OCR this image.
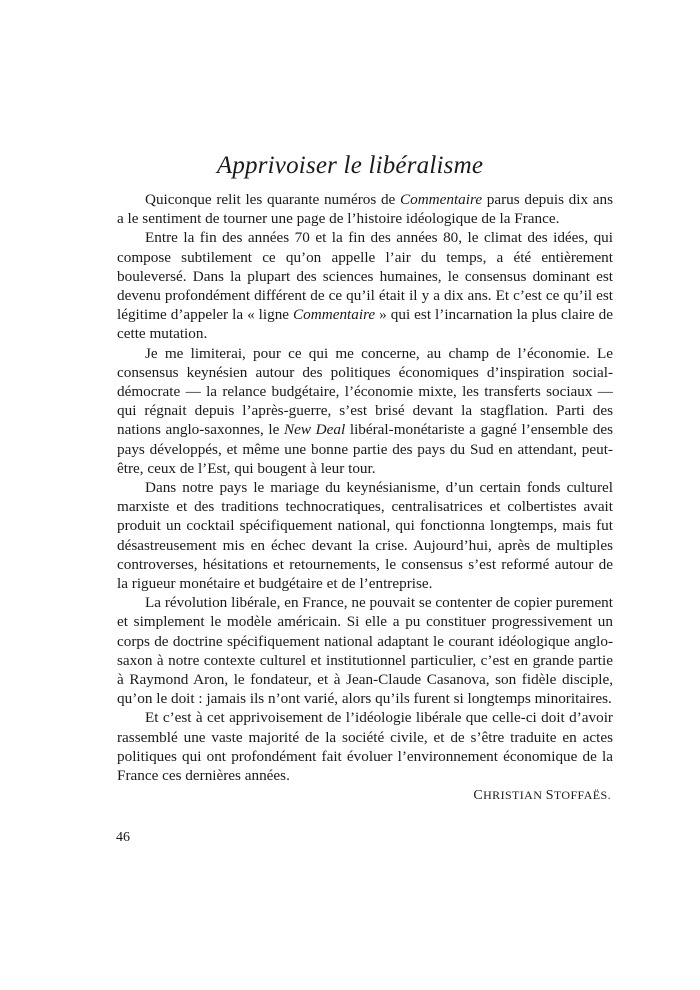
Apprivoiser le libéralisme

Quiconque relit les quarante numéros de Commentaire parus depuis dix ans a le sentiment de tourner une page de l’histoire idéologique de la France.

Entre la fin des années 70 et la fin des années 80, le climat des idées, qui compose subtilement ce qu’on appelle l’air du temps, a été entièrement bouleversé. Dans la plupart des sciences humaines, le consensus dominant est devenu profondément différent de ce qu’il était il y a dix ans. Et c’est ce qu’il est légitime d’appeler la « ligne Commentaire » qui est l’incarnation la plus claire de cette mutation.

Je me limiterai, pour ce qui me concerne, au champ de l’économie. Le consensus keynésien autour des politiques économiques d’inspiration social-démocrate — la relance budgétaire, l’économie mixte, les transferts sociaux — qui régnait depuis l’après-guerre, s’est brisé devant la stagflation. Parti des nations anglo-saxonnes, le New Deal libéral-monétariste a gagné l’ensemble des pays développés, et même une bonne partie des pays du Sud en attendant, peut-être, ceux de l’Est, qui bougent à leur tour.

Dans notre pays le mariage du keynésianisme, d’un certain fonds culturel marxiste et des traditions technocratiques, centralisatrices et colbertistes avait produit un cocktail spécifiquement national, qui fonctionna longtemps, mais fut désastreusement mis en échec devant la crise. Aujourd’hui, après de multiples controverses, hésitations et retournements, le consensus s’est reformé autour de la rigueur monétaire et budgétaire et de l’entreprise.

La révolution libérale, en France, ne pouvait se contenter de copier purement et simplement le modèle américain. Si elle a pu constituer progressivement un corps de doctrine spécifiquement national adaptant le courant idéologique anglo-saxon à notre contexte culturel et institutionnel particulier, c’est en grande partie à Raymond Aron, le fondateur, et à Jean-Claude Casanova, son fidèle disciple, qu’on le doit : jamais ils n’ont varié, alors qu’ils furent si longtemps minoritaires.

Et c’est à cet apprivoisement de l’idéologie libérale que celle-ci doit d’avoir rassemblé une vaste majorité de la société civile, et de s’être traduite en actes politiques qui ont profondément fait évoluer l’environnement économique de la France ces dernières années.

CHRISTIAN STOFFAËS.
46
